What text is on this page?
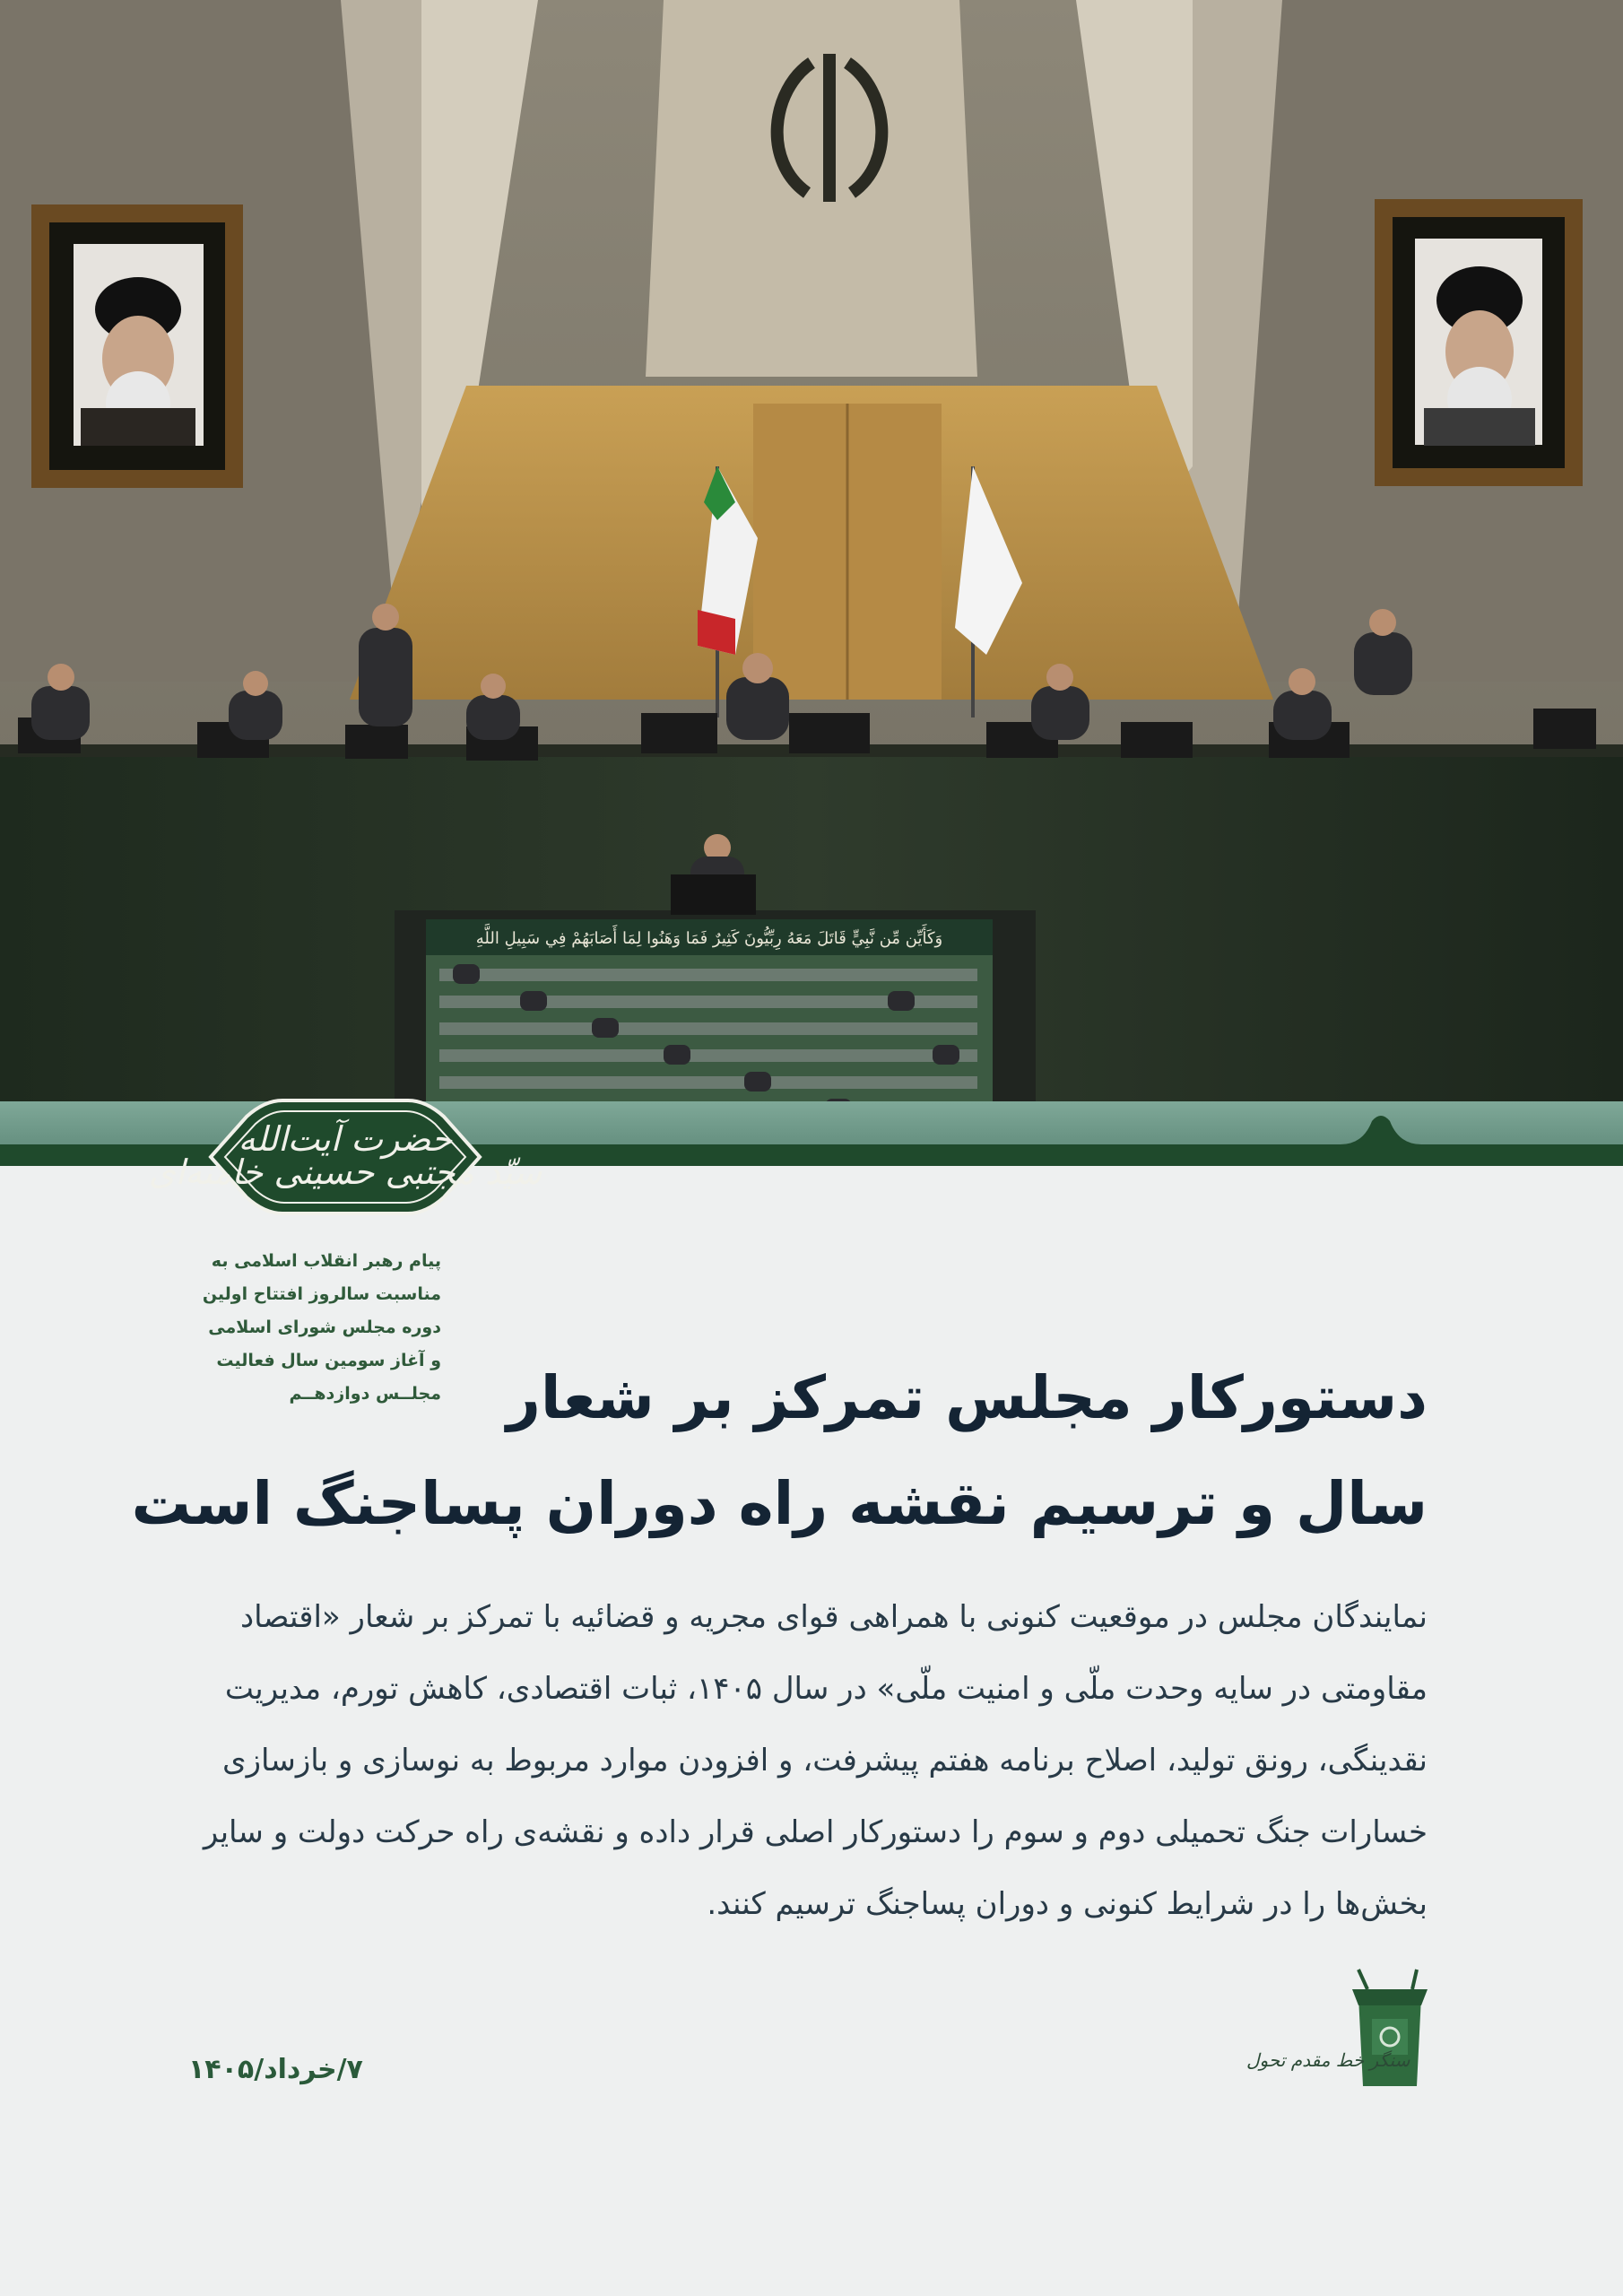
وَكَأَيِّن مِّن نَّبِيٍّ قَاتَلَ مَعَهُ رِبِّيُّونَ كَثِيرٌ فَمَا وَهَنُوا لِمَا أَصَابَهُمْ فِي سَبِيلِ اللَّهِ
حضرت آیت‌الله
سیّد مجتبی حسینی خامنه‌ای
پیام رهبر انقلاب اسلامی به
مناسبت سالروز افتتاح اولین
دوره مجلس شورای اسلامی
و آغاز سومین سال فعالیت
مجلــس دوازدهــم	دستورکار مجلس تمرکز بر شعار
سال و ترسیم نقشه راه دوران پساجنگ است
نمایندگان مجلس در موقعیت کنونی با همراهی قوای مجریه و قضائیه با تمرکز بر شعار «اقتصاد
مقاومتی در سایه وحدت ملّی و امنیت ملّی» در سال ۱۴۰۵، ثبات اقتصادی، کاهش تورم، مدیریت
نقدینگی، رونق تولید، اصلاح برنامه هفتم پیشرفت، و افزودن موارد مربوط به نوسازی و بازسازی
خسارات جنگ تحمیلی دوم و سوم را دستورکار اصلی قرار داده و نقشه‌ی راه حرکت دولت و سایر
بخش‌ها را در شرایط کنونی و دوران پساجنگ ترسیم کنند.
سنگر خط مقدم تحول
۷/خرداد/۱۴۰۵
